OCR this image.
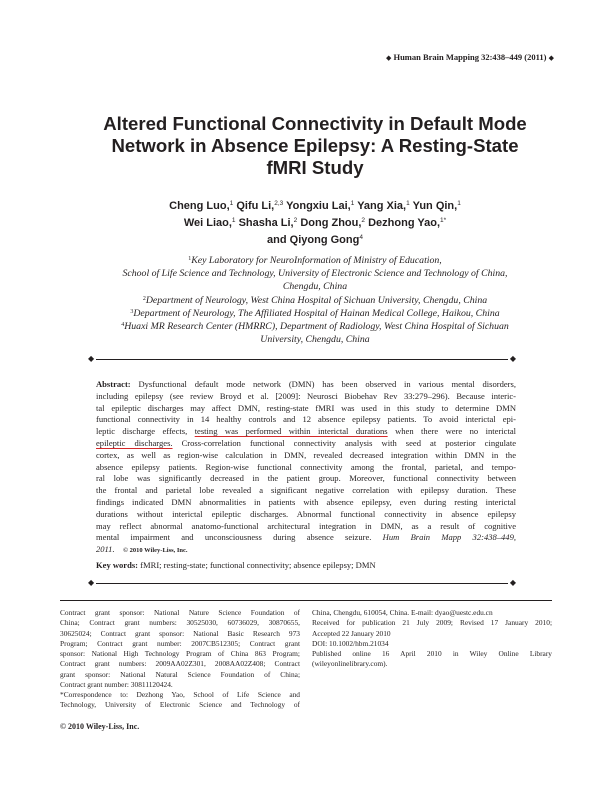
◆ Human Brain Mapping 32:438–449 (2011) ◆
Altered Functional Connectivity in Default Mode
Network in Absence Epilepsy: A Resting-State
fMRI Study
Cheng Luo,$^1$ Qifu Li,$^{2,3}$ Yongxiu Lai,$^1$ Yang Xia,$^1$ Yun Qin,$^1$
Wei Liao,$^1$ Shasha Li,$^2$ Dong Zhou,$^2$ Dezhong Yao,$^{1*}$
and Qiyong Gong$^4$
$^1$Key Laboratory for NeuroInformation of Ministry of Education,
School of Life Science and Technology, University of Electronic Science and Technology of China,
Chengdu, China
$^2$Department of Neurology, West China Hospital of Sichuan University, Chengdu, China
$^3$Department of Neurology, The Affiliated Hospital of Hainan Medical College, Haikou, China
$^4$Huaxi MR Research Center (HMRRC), Department of Radiology, West China Hospital of Sichuan
University, Chengdu, China
◆	◆
Abstract: Dysfunctional default mode network (DMN) has been observed in various mental disorders,
including epilepsy (see review Broyd et al. [2009]: Neurosci Biobehav Rev 33:279–296). Because interic-
tal epileptic discharges may affect DMN, resting-state fMRI was used in this study to determine DMN
functional connectivity in 14 healthy controls and 12 absence epilepsy patients. To avoid interictal epi-
leptic discharge effects, testing was performed within interictal durations when there were no interictal
epileptic discharges. Cross-correlation functional connectivity analysis with seed at posterior cingulate
cortex, as well as region-wise calculation in DMN, revealed decreased integration within DMN in the
absence epilepsy patients. Region-wise functional connectivity among the frontal, parietal, and tempo-
ral lobe was significantly decreased in the patient group. Moreover, functional connectivity between
the frontal and parietal lobe revealed a significant negative correlation with epilepsy duration. These
findings indicated DMN abnormalities in patients with absence epilepsy, even during resting interictal
durations without interictal epileptic discharges. Abnormal functional connectivity in absence epilepsy
may reflect abnormal anatomo-functional architectural integration in DMN, as a result of cognitive
mental impairment and unconsciousness during absence seizure. Hum Brain Mapp 32:438–449,
2011. © 2010 Wiley-Liss, Inc.
Key words: fMRI; resting-state; functional connectivity; absence epilepsy; DMN
◆	◆
Contract grant sponsor: National Nature Science Foundation of
China; Contract grant numbers: 30525030, 60736029, 30870655,
30625024; Contract grant sponsor: National Basic Research 973
Program; Contract grant number: 2007CB512305; Contract grant
sponsor: National High Technology Program of China 863 Program;
Contract grant numbers: 2009AA02Z301, 2008AA02Z408; Contract
grant sponsor: National Natural Science Foundation of China;
Contract grant number: 30811120424.
*Correspondence to: Dezhong Yao, School of Life Science and
Technology, University of Electronic Science and Technology of
China, Chengdu, 610054, China. E-mail: dyao@uestc.edu.cn
Received for publication 21 July 2009; Revised 17 January 2010;
Accepted 22 January 2010
DOI: 10.1002/hbm.21034
Published online 16 April 2010 in Wiley Online Library
(wileyonlinelibrary.com).
© 2010 Wiley-Liss, Inc.
